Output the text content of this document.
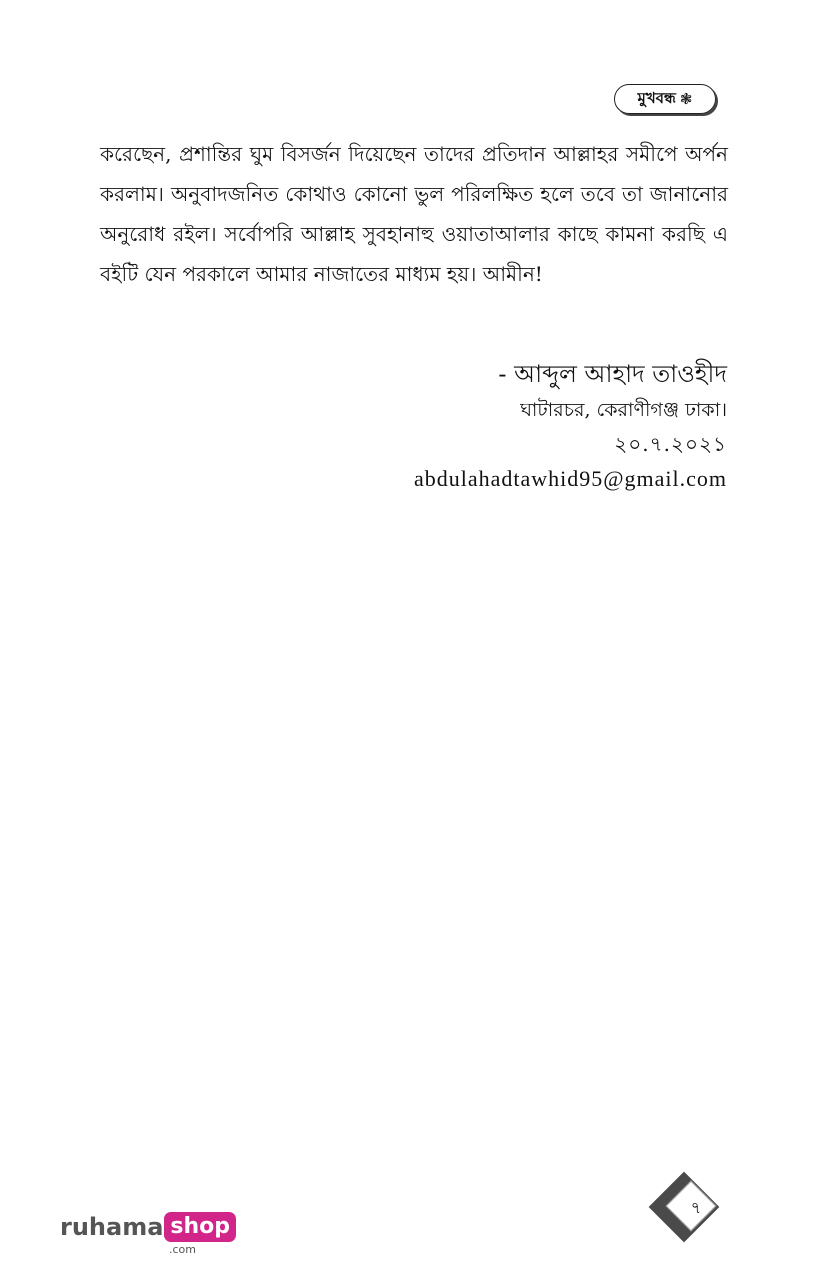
মুখবন্ধ ❃
করেছেন, প্রশান্তির ঘুম বিসর্জন দিয়েছেন তাদের প্রতিদান আল্লাহর সমীপে অর্পন করলাম। অনুবাদজনিত কোথাও কোনো ভুল পরিলক্ষিত হলে তবে তা জানানোর অনুরোধ রইল। সর্বোপরি আল্লাহ সুবহানাহু ওয়াতাআলার কাছে কামনা করছি এ বইটি যেন পরকালে আমার নাজাতের মাধ্যম হয়। আমীন!
- আব্দুল আহাদ তাওহীদ
ঘাটারচর, কেরাণীগঞ্জ ঢাকা।
২০.৭.২০২১
abdulahadtawhid95@gmail.com
ruhama shop
.com
৭
